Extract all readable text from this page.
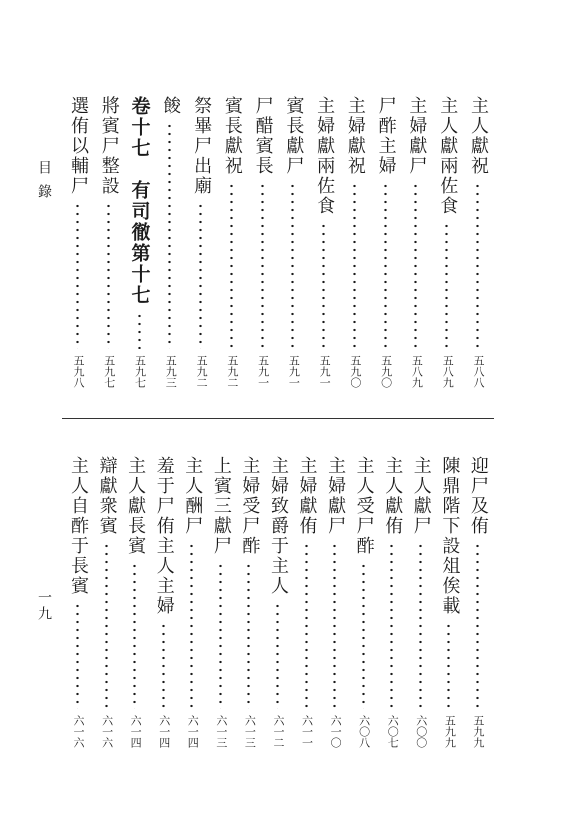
目錄
主人獻祝
五八八
主人獻兩佐食
五八九
主婦獻尸
五八九
尸酢主婦
五九〇
主婦獻祝
五九〇
主婦獻兩佐食
五九一
賓長獻尸
五九一
尸醋賓長
五九一
賓長獻祝
五九二
祭畢尸出廟
五九二
餕
五九三
卷十七　有司徹第十七
五九七
將賓尸整設
五九七
選侑以輔尸
五九八
迎尸及侑
五九九
陳鼎階下設俎俟載
五九九
主人獻尸
六〇〇
主人獻侑
六〇七
主人受尸酢
六〇八
主婦獻尸
六一〇
主婦獻侑
六一一
主婦致爵于主人
六一二
主婦受尸酢
六一三
上賓三獻尸
六一三
主人酬尸
六一四
羞于尸侑主人主婦
六一四
主人獻長賓
六一四
辯獻衆賓
六一六
主人自酢于長賓
六一六
一九
